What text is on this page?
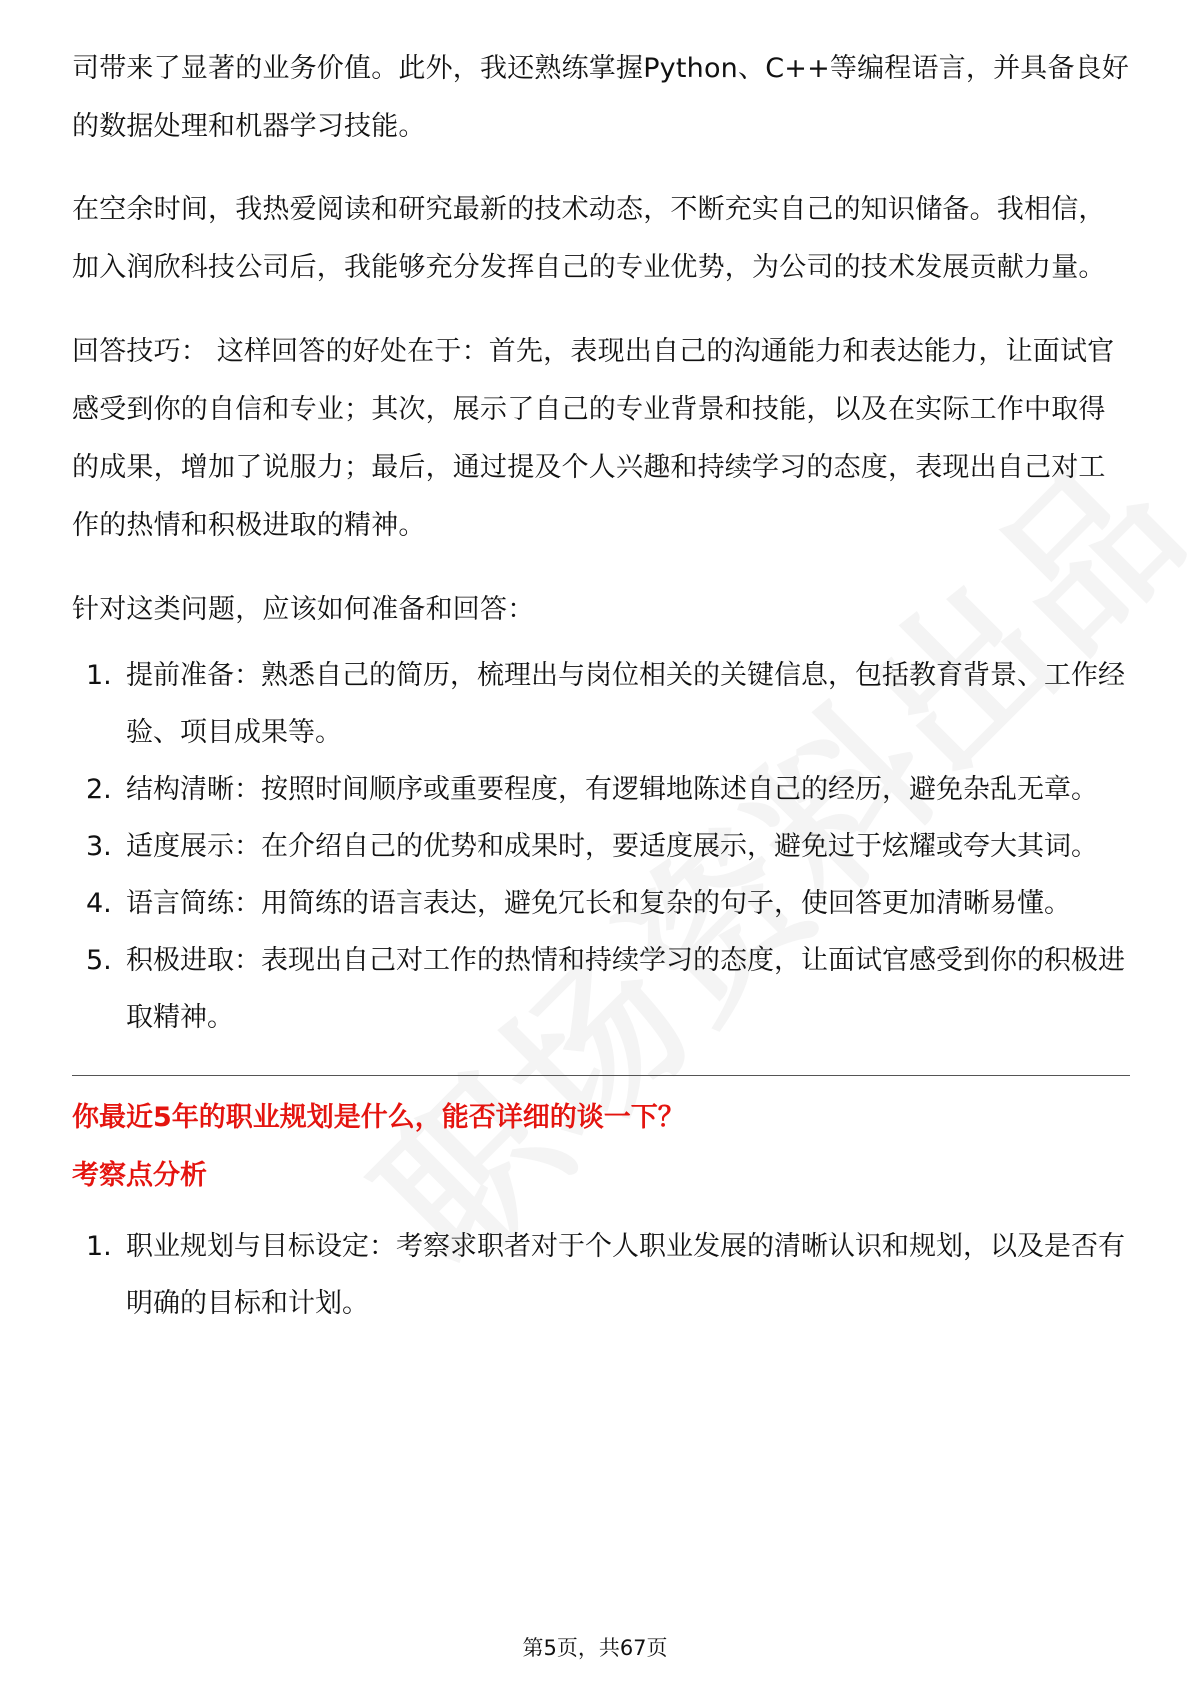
司带来了显著的业务价值。此外，我还熟练掌握Python、C++等编程语言，并具备良好的数据处理和机器学习技能。

在空余时间，我热爱阅读和研究最新的技术动态，不断充实自己的知识储备。我相信，加入润欣科技公司后，我能够充分发挥自己的专业优势，为公司的技术发展贡献力量。

回答技巧： 这样回答的好处在于：首先，表现出自己的沟通能力和表达能力，让面试官感受到你的自信和专业；其次，展示了自己的专业背景和技能，以及在实际工作中取得的成果，增加了说服力；最后，通过提及个人兴趣和持续学习的态度，表现出自己对工作的热情和积极进取的精神。

针对这类问题，应该如何准备和回答：

1. 提前准备：熟悉自己的简历，梳理出与岗位相关的关键信息，包括教育背景、工作经验、项目成果等。
2. 结构清晰：按照时间顺序或重要程度，有逻辑地陈述自己的经历，避免杂乱无章。
3. 适度展示：在介绍自己的优势和成果时，要适度展示，避免过于炫耀或夸大其词。
4. 语言简练：用简练的语言表达，避免冗长和复杂的句子，使回答更加清晰易懂。
5. 积极进取：表现出自己对工作的热情和持续学习的态度，让面试官感受到你的积极进取精神。
你最近5年的职业规划是什么，能否详细的谈一下？
考察点分析
1. 职业规划与目标设定：考察求职者对于个人职业发展的清晰认识和规划，以及是否有明确的目标和计划。
第5页，共67页
